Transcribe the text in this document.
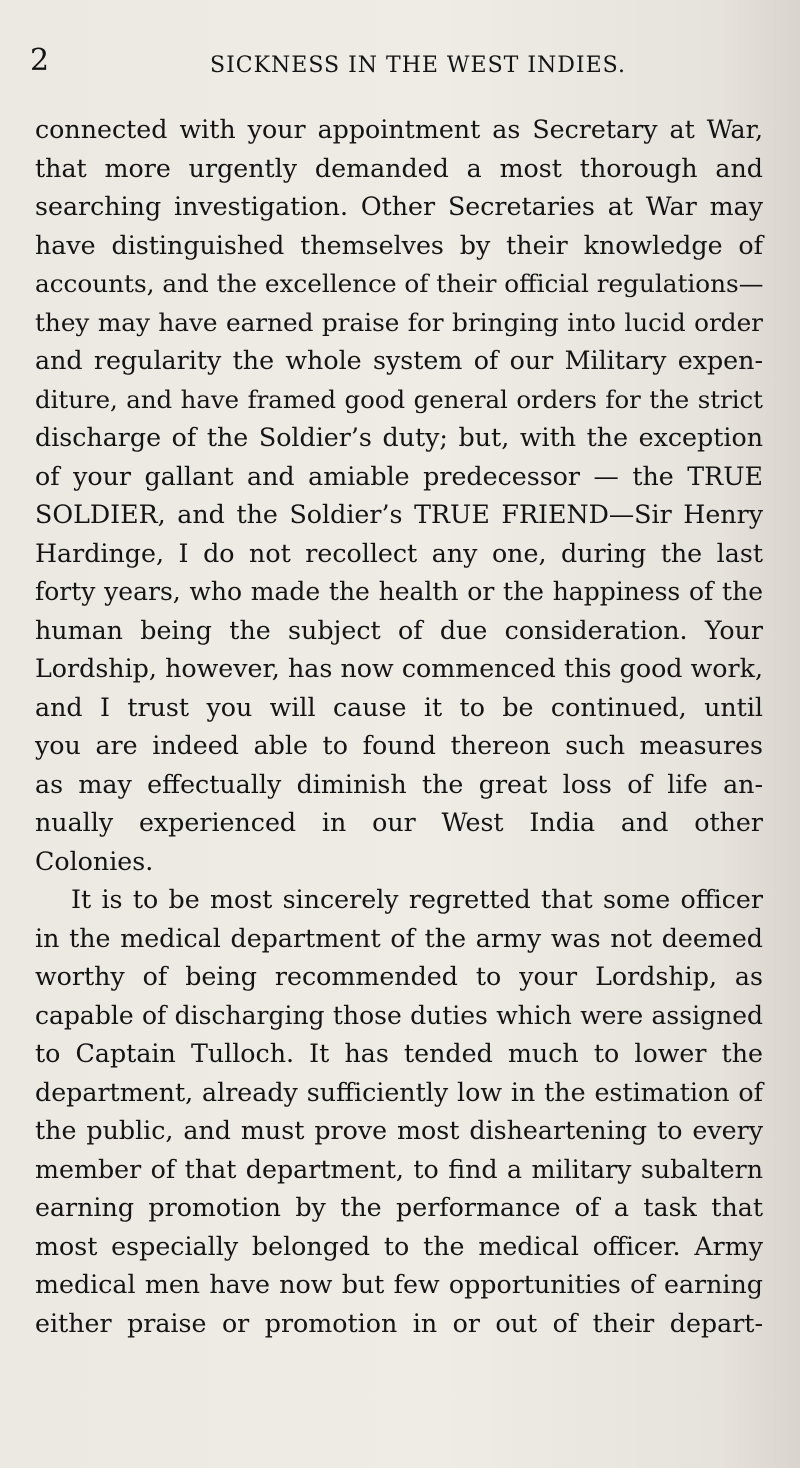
2	SICKNESS IN THE WEST INDIES.
connected with your appointment as Secretary at War,
that more urgently demanded a most thorough and
searching investigation. Other Secretaries at War may
have distinguished themselves by their knowledge of
accounts, and the excellence of their official regulations—
they may have earned praise for bringing into lucid order
and regularity the whole system of our Military expen-
diture, and have framed good general orders for the strict
discharge of the Soldier’s duty; but, with the exception
of your gallant and amiable predecessor — the TRUE
SOLDIER, and the Soldier’s TRUE FRIEND—Sir Henry
Hardinge, I do not recollect any one, during the last
forty years, who made the health or the happiness of the
human being the subject of due consideration. Your
Lordship, however, has now commenced this good work,
and I trust you will cause it to be continued, until
you are indeed able to found thereon such measures
as may effectually diminish the great loss of life an-
nually experienced in our West India and other
Colonies.
It is to be most sincerely regretted that some officer
in the medical department of the army was not deemed
worthy of being recommended to your Lordship, as
capable of discharging those duties which were assigned
to Captain Tulloch. It has tended much to lower the
department, already sufficiently low in the estimation of
the public, and must prove most disheartening to every
member of that department, to find a military subaltern
earning promotion by the performance of a task that
most especially belonged to the medical officer. Army
medical men have now but few opportunities of earning
either praise or promotion in or out of their depart-
